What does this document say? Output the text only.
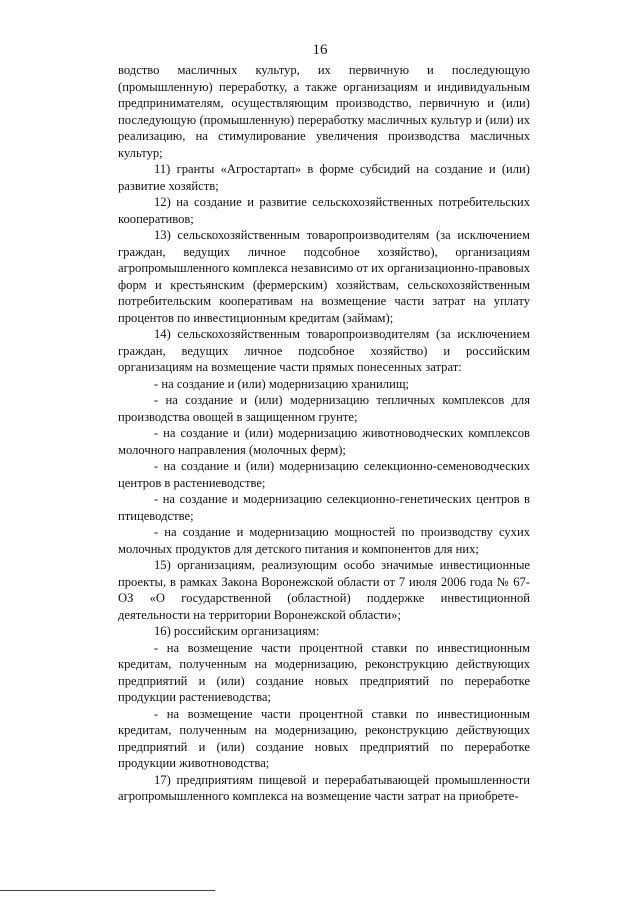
16

водство масличных культур, их первичную и последующую (промышленную) переработку, а также организациям и индивидуальным предпринимателям, осуществляющим производство, первичную и (или) последующую (промышленную) переработку масличных культур и (или) их реализацию, на стимулирование увеличения производства масличных культур;

11) гранты «Агростартап» в форме субсидий на создание и (или) развитие хозяйств;

12) на создание и развитие сельскохозяйственных потребительских кооперативов;

13) сельскохозяйственным товаропроизводителям (за исключением граждан, ведущих личное подсобное хозяйство), организациям агропромышленного комплекса независимо от их организационно-правовых форм и крестьянским (фермерским) хозяйствам, сельскохозяйственным потребительским кооперативам на возмещение части затрат на уплату процентов по инвестиционным кредитам (займам);

14) сельскохозяйственным товаропроизводителям (за исключением граждан, ведущих личное подсобное хозяйство) и российским организациям на возмещение части прямых понесенных затрат:

- на создание и (или) модернизацию хранилищ;

- на создание и (или) модернизацию тепличных комплексов для производства овощей в защищенном грунте;

- на создание и (или) модернизацию животноводческих комплексов молочного направления (молочных ферм);

- на создание и (или) модернизацию селекционно-семеноводческих центров в растениеводстве;

- на создание и модернизацию селекционно-генетических центров в птицеводстве;

- на создание и модернизацию мощностей по производству сухих молочных продуктов для детского питания и компонентов для них;

15) организациям, реализующим особо значимые инвестиционные проекты, в рамках Закона Воронежской области от 7 июля 2006 года № 67-ОЗ «О государственной (областной) поддержке инвестиционной деятельности на территории Воронежской области»;

16) российским организациям:

- на возмещение части процентной ставки по инвестиционным кредитам, полученным на модернизацию, реконструкцию действующих предприятий и (или) создание новых предприятий по переработке продукции растениеводства;

- на возмещение части процентной ставки по инвестиционным кредитам, полученным на модернизацию, реконструкцию действующих предприятий и (или) создание новых предприятий по переработке продукции животноводства;

17) предприятиям пищевой и перерабатывающей промышленности агропромышленного комплекса на возмещение части затрат на приобрете-
